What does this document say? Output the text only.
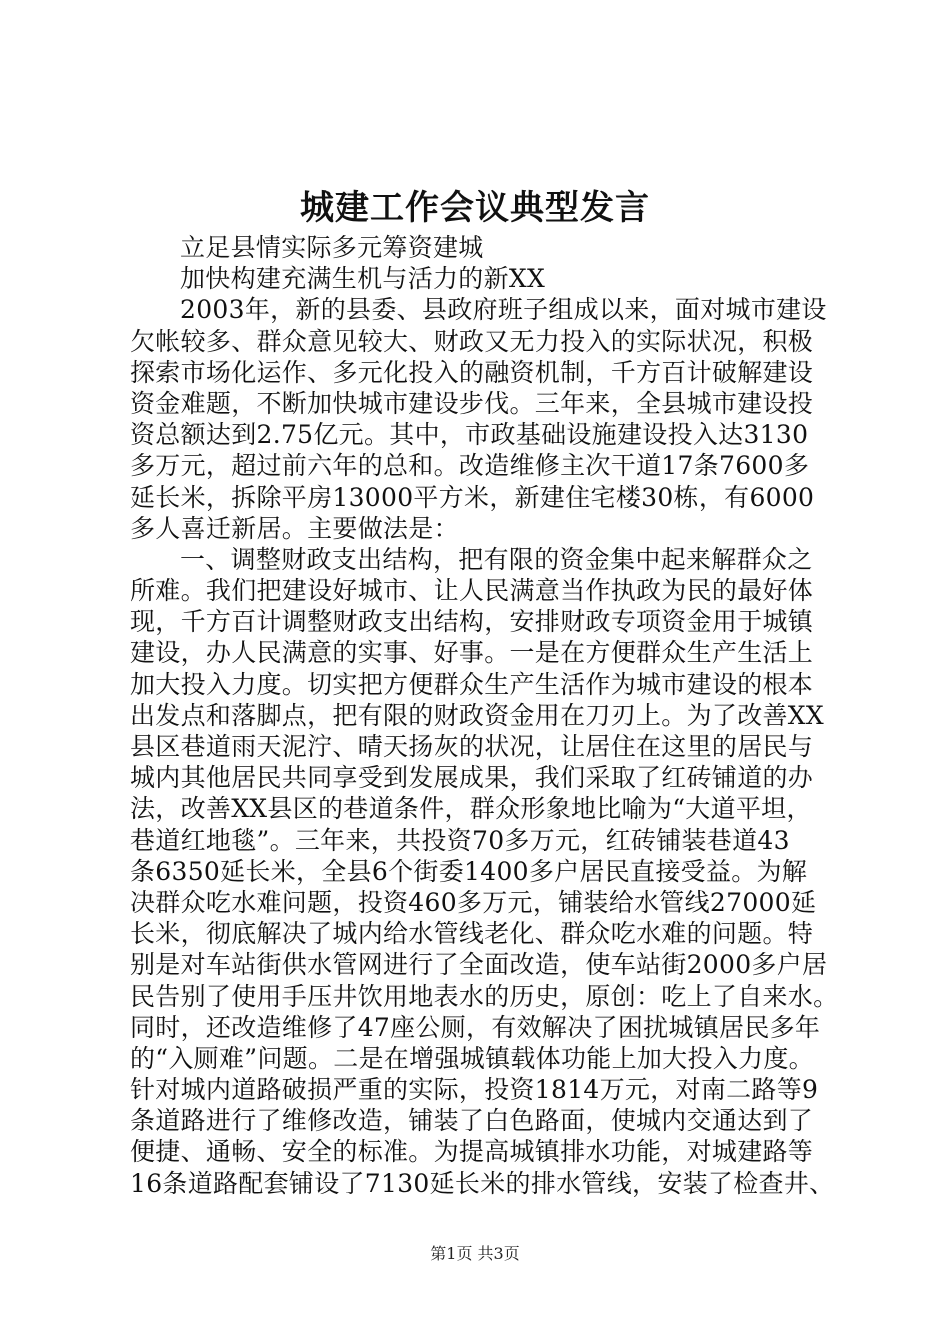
城建工作会议典型发言
立足县情实际多元筹资建城
加快构建充满生机与活力的新XX
2003年，新的县委、县政府班子组成以来，面对城市建设
欠帐较多、群众意见较大、财政又无力投入的实际状况，积极
探索市场化运作、多元化投入的融资机制，千方百计破解建设
资金难题，不断加快城市建设步伐。三年来，全县城市建设投
资总额达到2.75亿元。其中，市政基础设施建设投入达3130
多万元，超过前六年的总和。改造维修主次干道17条7600多
延长米，拆除平房13000平方米，新建住宅楼30栋，有6000
多人喜迁新居。主要做法是：
一、调整财政支出结构，把有限的资金集中起来解群众之
所难。我们把建设好城市、让人民满意当作执政为民的最好体
现，千方百计调整财政支出结构，安排财政专项资金用于城镇
建设，办人民满意的实事、好事。一是在方便群众生产生活上
加大投入力度。切实把方便群众生产生活作为城市建设的根本
出发点和落脚点，把有限的财政资金用在刀刃上。为了改善XX
县区巷道雨天泥泞、晴天扬灰的状况，让居住在这里的居民与
城内其他居民共同享受到发展成果，我们采取了红砖铺道的办
法，改善XX县区的巷道条件，群众形象地比喻为“大道平坦，
巷道红地毯”。三年来，共投资70多万元，红砖铺装巷道43
条6350延长米，全县6个街委1400多户居民直接受益。为解
决群众吃水难问题，投资460多万元，铺装给水管线27000延
长米，彻底解决了城内给水管线老化、群众吃水难的问题。特
别是对车站街供水管网进行了全面改造，使车站街2000多户居
民告别了使用手压井饮用地表水的历史，原创：吃上了自来水。
同时，还改造维修了47座公厕，有效解决了困扰城镇居民多年
的“入厕难”问题。二是在增强城镇载体功能上加大投入力度。
针对城内道路破损严重的实际，投资1814万元，对南二路等9
条道路进行了维修改造，铺装了白色路面，使城内交通达到了
便捷、通畅、安全的标准。为提高城镇排水功能，对城建路等
16条道路配套铺设了7130延长米的排水管线，安装了检查井、
第1页 共3页
